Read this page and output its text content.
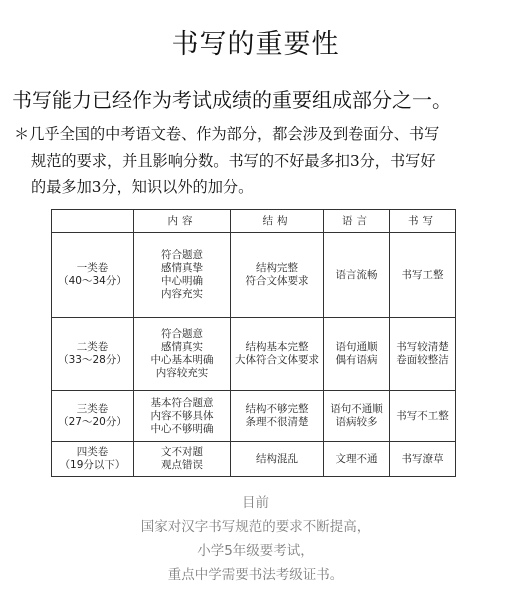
书写的重要性
书写能力已经作为考试成绩的重要组成部分之一。
＊几乎全国的中考语文卷、作为部分，都会涉及到卷面分、书写
规范的要求，并且影响分数。书写的不好最多扣3分，书写好
的最多加3分，知识以外的加分。
	内容	结构	语言	书写

一类卷
（40～34分）	符合题意
感情真挚
中心明确
内容充实	结构完整
符合文体要求	语言流畅	书写工整

二类卷
（33～28分）	符合题意
感情真实
中心基本明确
内容较充实	结构基本完整
大体符合文体要求	语句通顺
偶有语病	书写较清楚
卷面较整洁

三类卷
（27～20分）	基本符合题意
内容不够具体
中心不够明确	结构不够完整
条理不很清楚	语句不通顺
语病较多	书写不工整

四类卷
（19分以下）	文不对题
观点错误	结构混乱	文理不通	书写潦草
目前
国家对汉字书写规范的要求不断提高，
小学5年级要考试，
重点中学需要书法考级证书。
